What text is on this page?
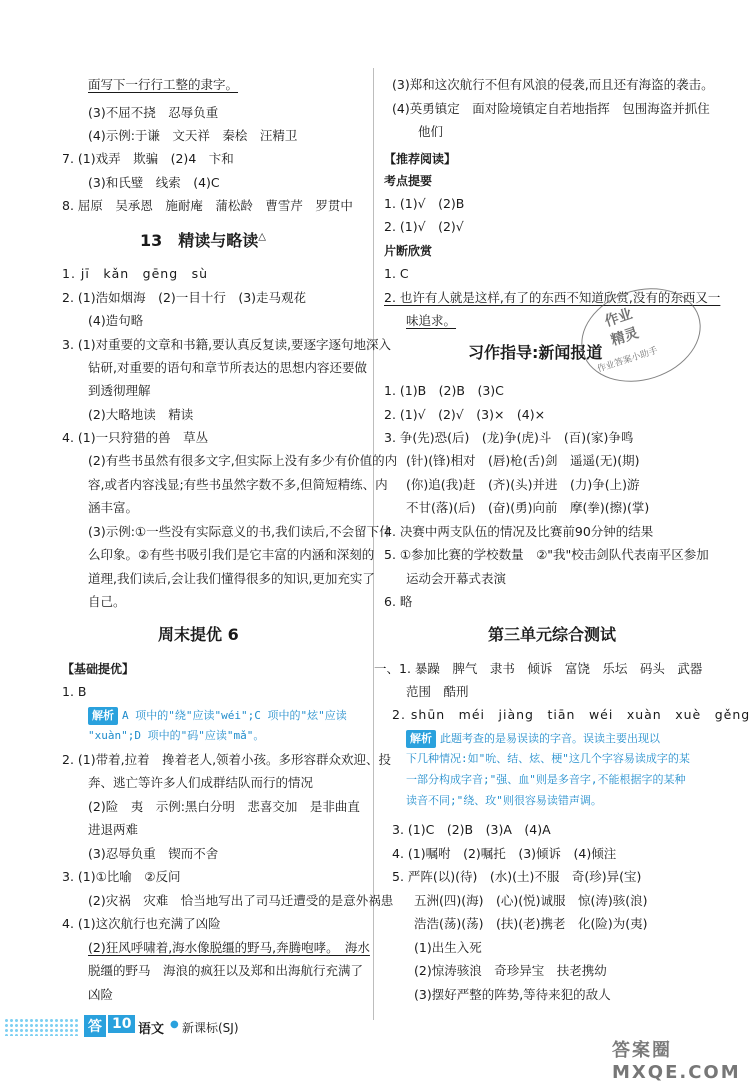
面写下一行行工整的隶字。
(3)不屈不挠　忍辱负重
(4)示例:于谦　文天祥　秦桧　汪精卫
7. (1)戏弄　欺骗　(2)4　卞和
(3)和氏璧　线索　(4)C
8. 屈原　吴承恩　施耐庵　蒲松龄　曹雪芹　罗贯中
13　精读与略读△
1. jī　kǎn　gēng　sù
2. (1)浩如烟海　(2)一目十行　(3)走马观花
(4)造句略
3. (1)对重要的文章和书籍,要认真反复读,要逐字逐句地深入
钻研,对重要的语句和章节所表达的思想内容还要做
到透彻理解
(2)大略地读　精读
4. (1)一只狩猎的兽　草丛
(2)有些书虽然有很多文字,但实际上没有多少有价值的内
容,或者内容浅显;有些书虽然字数不多,但简短精练、内
涵丰富。
(3)示例:①一些没有实际意义的书,我们读后,不会留下什
么印象。②有些书吸引我们是它丰富的内涵和深刻的
道理,我们读后,会让我们懂得很多的知识,更加充实了
自己。
周末提优 6
【基础提优】
1. B
解析 A 项中的"绕"应读"wéi";C 项中的"炫"应读
"xuàn";D 项中的"码"应读"mǎ"。
2. (1)带着,拉着　搀着老人,领着小孩。多形容群众欢迎、投
奔、逃亡等许多人们成群结队而行的情况
(2)险　夷　示例:黑白分明　悲喜交加　是非曲直
进退两难
(3)忍辱负重　锲而不舍
3. (1)①比喻　②反问
(2)灾祸　灾难　恰当地写出了司马迁遭受的是意外祸患
4. (1)这次航行也充满了凶险
(2)狂风呼啸着,海水像脱缰的野马,奔腾咆哮。　海水
脱缰的野马　海浪的疯狂以及郑和出海航行充满了
凶险
答 10 语文 ● 新课标(SJ)
(3)郑和这次航行不但有风浪的侵袭,而且还有海盗的袭击。
(4)英勇镇定　面对险境镇定自若地指挥　包围海盗并抓住
他们
【推荐阅读】
考点提要
1. (1)√　(2)B
2. (1)√　(2)√
片断欣赏
1. C
2. 也许有人就是这样,有了的东西不知道欣赏,没有的东西又一
味追求。
习作指导:新闻报道
1. (1)B　(2)B　(3)C
2. (1)√　(2)√　(3)×　(4)×
3. 争(先)恐(后)　(龙)争(虎)斗　(百)(家)争鸣
(针)(锋)相对　(唇)枪(舌)剑　遥遥(无)(期)
(你)追(我)赶　(齐)(头)并进　(力)争(上)游
不甘(落)(后)　(奋)(勇)向前　摩(拳)(擦)(掌)
4. 决赛中两支队伍的情况及比赛前90分钟的结果
5. ①参加比赛的学校数量　②"我"校击剑队代表南平区参加
运动会开幕式表演
6. 略
第三单元综合测试
一、1. 暴躁　脾气　隶书　倾诉　富饶　乐坛　码头　武器
范围　酷刑
2. shūn　méi　jiàng　tiān　wéi　xuàn　xuè　gěng
解析 此题考查的是易误读的字音。误读主要出现以
下几种情况:如"吮、结、炫、梗"这几个字容易读成字的某
一部分构成字音;"强、血"则是多音字,不能根据字的某种
读音不同;"绕、玫"则很容易读错声调。
3. (1)C　(2)B　(3)A　(4)A
4. (1)嘱咐　(2)嘱托　(3)倾诉　(4)倾注
5. 严阵(以)(待)　(水)(土)不服　奇(珍)异(宝)
五洲(四)(海)　(心)(悦)诚服　惊(涛)骇(浪)
浩浩(荡)(荡)　(扶)(老)携老　化(险)为(夷)
(1)出生入死
(2)惊涛骇浪　奇珍异宝　扶老携幼
(3)摆好严整的阵势,等待来犯的敌人
作业
精灵
作业答案小助手
答案圈 MXQE.COM
